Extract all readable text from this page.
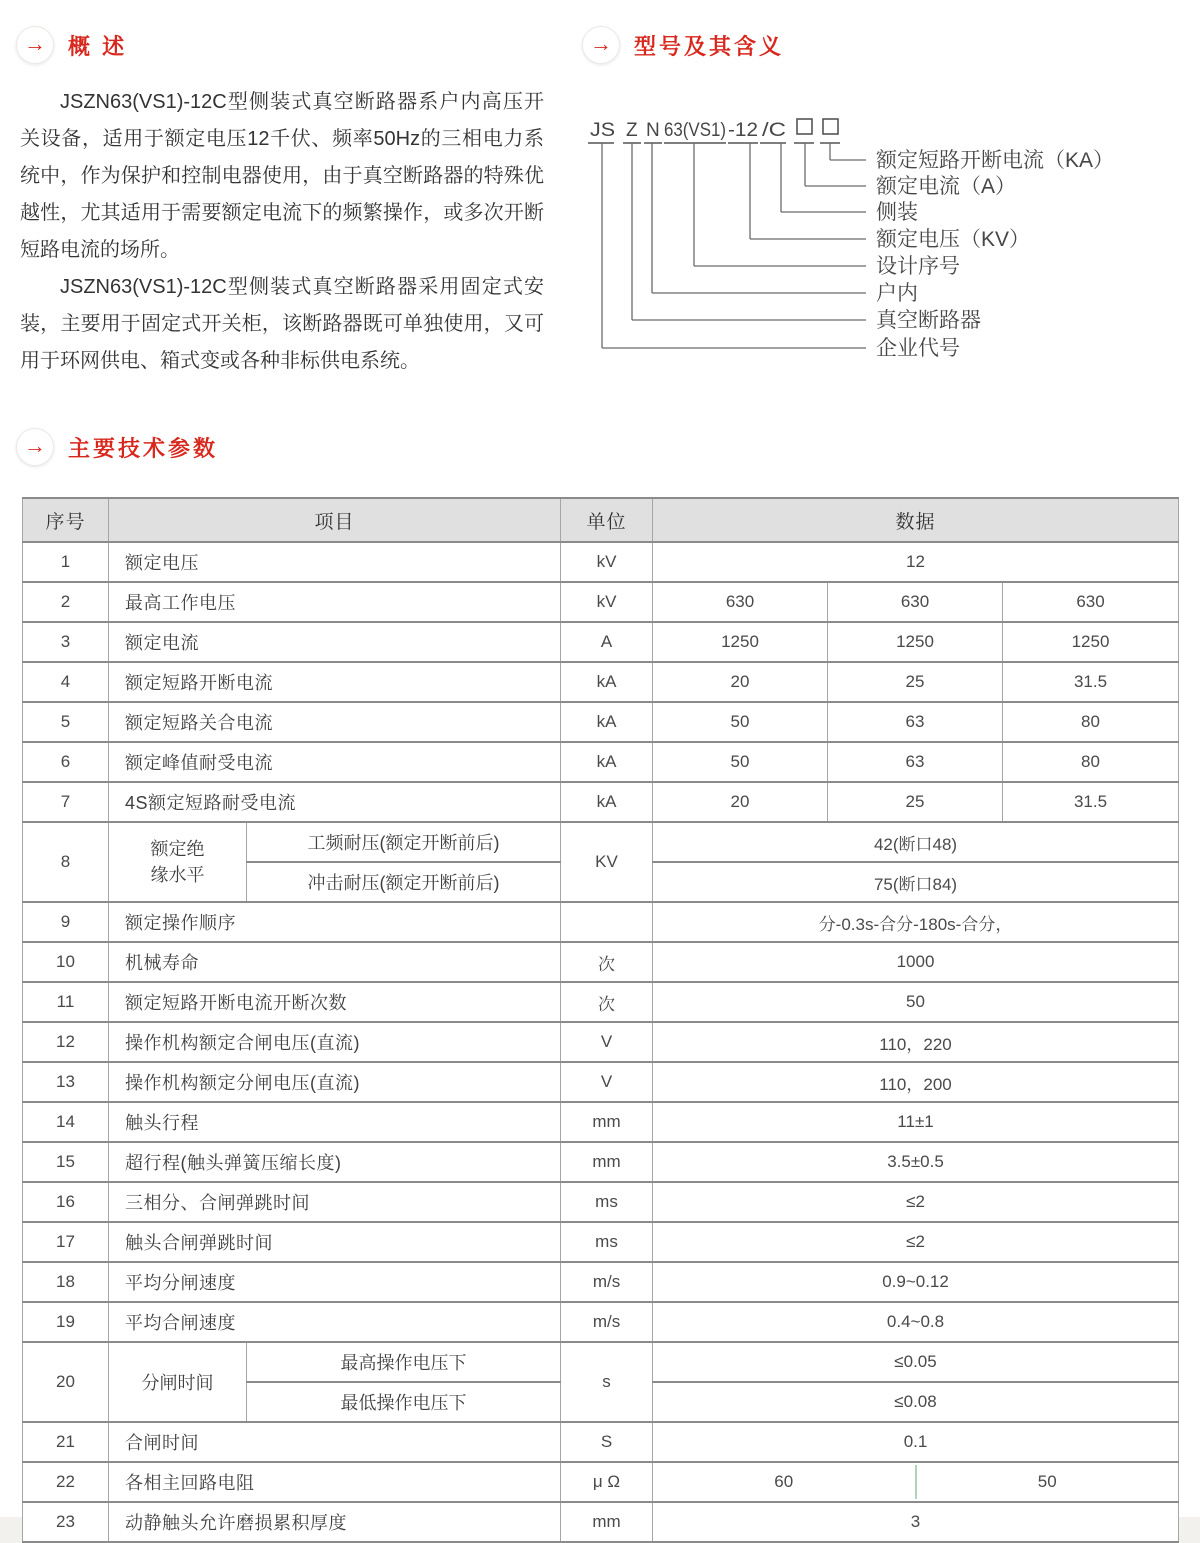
→ 概 述

JSZN63(VS1)-12C型侧装式真空断路器系户内高压开关设备，适用于额定电压12千伏、频率50Hz的三相电力系统中，作为保护和控制电器使用，由于真空断路器的特殊优越性，尤其适用于需要额定电流下的频繁操作，或多次开断短路电流的场所。

JSZN63(VS1)-12C型侧装式真空断路器采用固定式安装，主要用于固定式开关柜，该断路器既可单独使用，又可用于环网供电、箱式变或各种非标供电系统。

→ 型号及其含义
JS Z N 63(VS1) -12 /C
额定短路开断电流（KA）
额定电流（A）
侧装
额定电压（KV）
设计序号
户内
真空断路器
企业代号
→ 主要技术参数
序号	项目		单位	数据		
1	额定电压		kV	12		
2	最高工作电压		kV	630	630	630
3	额定电流		A	1250	1250	1250
4	额定短路开断电流		kA	20	25	31.5
5	额定短路关合电流		kA	50	63	80
6	额定峰值耐受电流		kA	50	63	80
7	4S额定短路耐受电流		kA	20	25	31.5
8	额定绝缘水平	工频耐压(额定开断前后)	KV	42(断口48)		
		冲击耐压(额定开断前后)		75(断口84)		
9	额定操作顺序			分-0.3s-合分-180s-合分，		
10	机械寿命		次	1000		
11	额定短路开断电流开断次数		次	50		
12	操作机构额定合闸电压(直流)		V	110，220		
13	操作机构额定分闸电压(直流)		V	110，200		
14	触头行程		mm	11±1		
15	超行程(触头弹簧压缩长度)		mm	3.5±0.5		
16	三相分、合闸弹跳时间		ms	≤2		
17	触头合闸弹跳时间		ms	≤2		
18	平均分闸速度		m/s	0.9~0.12		
19	平均合闸速度		m/s	0.4~0.8		
20	分闸时间	最高操作电压下	s	≤0.05		
		最低操作电压下		≤0.08		
21	合闸时间		S	0.1		
22	各相主回路电阻		μ Ω	60 50		

23	动静触头允许磨损累积厚度		mm	3		
